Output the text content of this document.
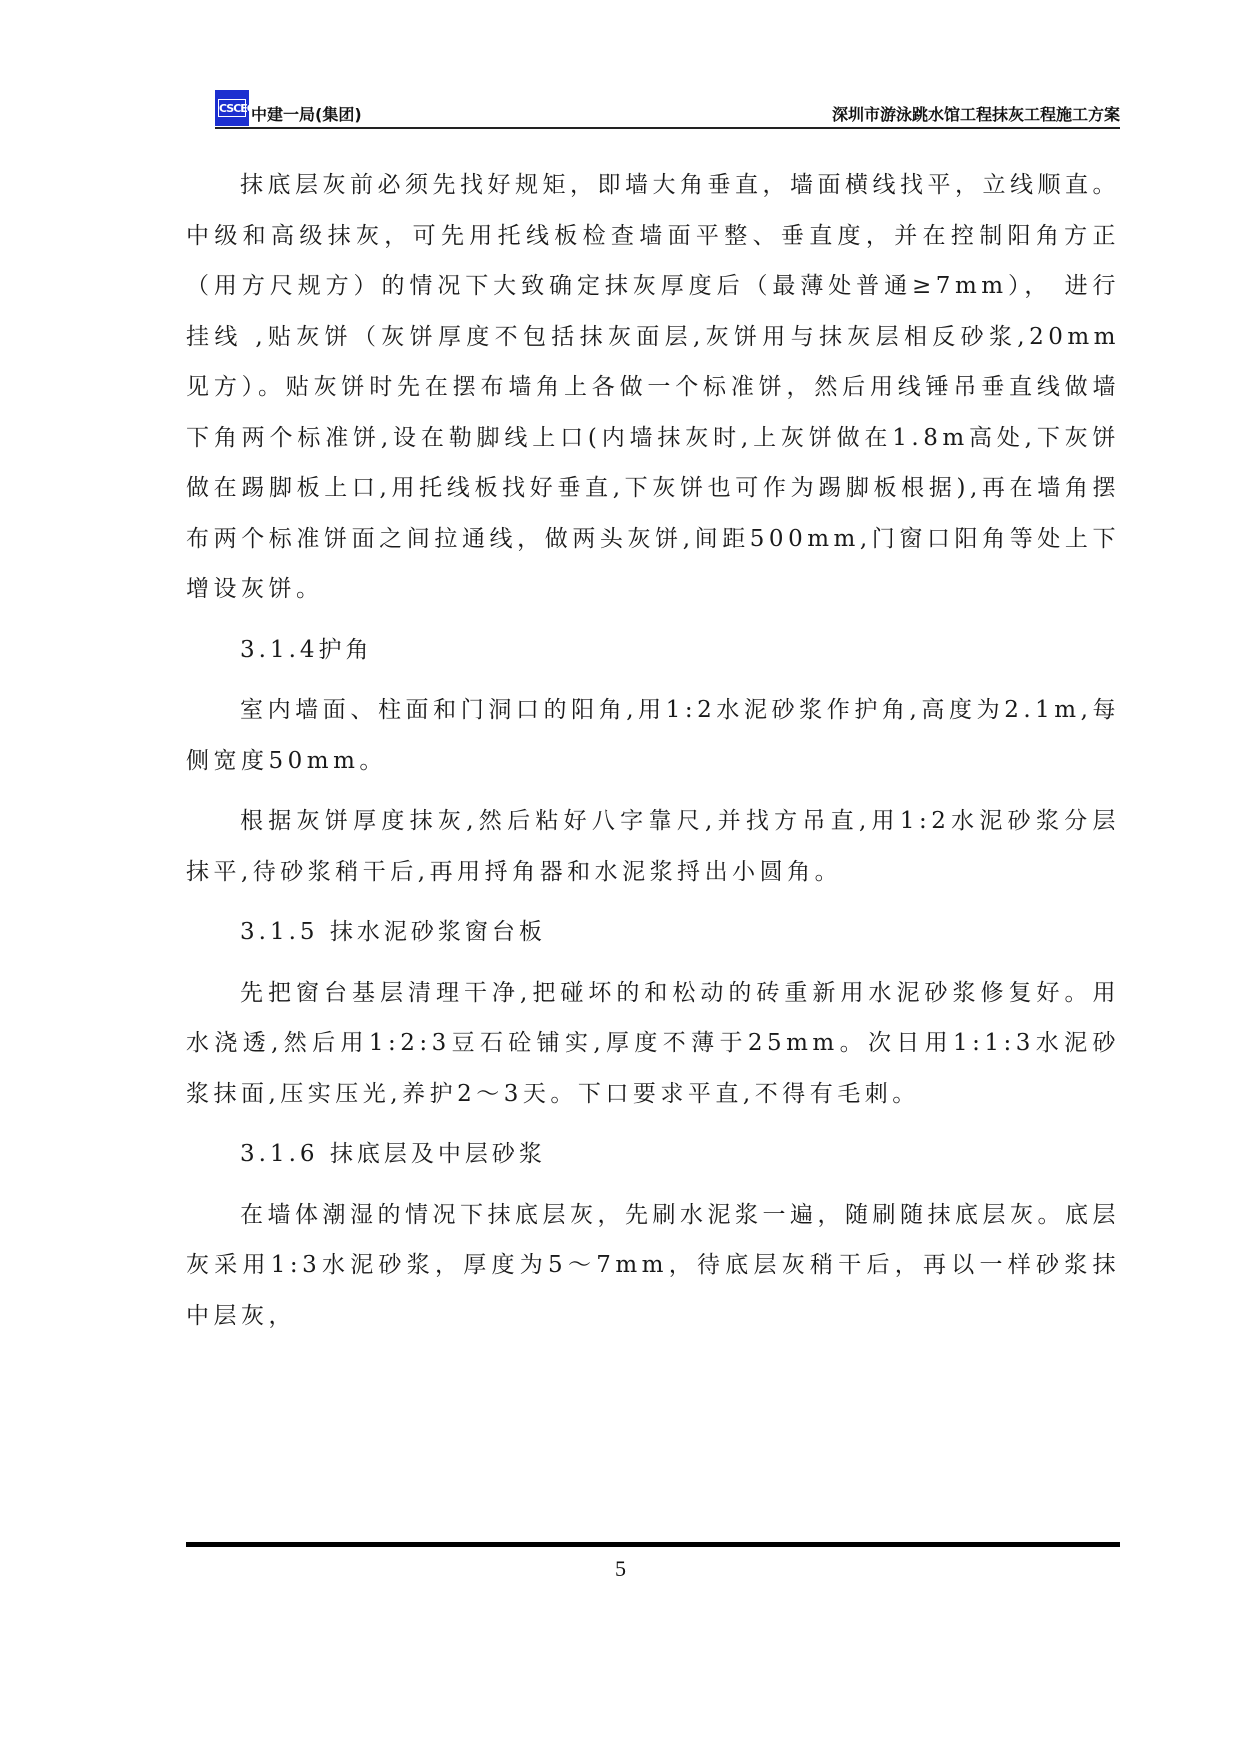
CSCEC
中建一局(集团)	深圳市游泳跳水馆工程抹灰工程施工方案

抹底层灰前必须先找好规矩，即墙大角垂直，墙面横线找平，立线顺直。中级和高级抹灰，可先用托线板检查墙面平整、垂直度，并在控制阳角方正（用方尺规方）的情况下大致确定抹灰厚度后（最薄处普通≥7mm）， 进行挂线 ,贴灰饼（灰饼厚度不包括抹灰面层,灰饼用与抹灰层相反砂浆,20mm见方）。贴灰饼时先在摆布墙角上各做一个标准饼，然后用线锤吊垂直线做墙下角两个标准饼,设在勒脚线上口(内墙抹灰时,上灰饼做在1.8m高处,下灰饼做在踢脚板上口,用托线板找好垂直,下灰饼也可作为踢脚板根据),再在墙角摆布两个标准饼面之间拉通线，做两头灰饼,间距500mm,门窗口阳角等处上下增设灰饼。

3.1.4护角

室内墙面、柱面和门洞口的阳角,用1:2水泥砂浆作护角,高度为2.1m,每侧宽度50mm。

根据灰饼厚度抹灰,然后粘好八字靠尺,并找方吊直,用1:2水泥砂浆分层抹平,待砂浆稍干后,再用捋角器和水泥浆捋出小圆角。

3.1.5 抹水泥砂浆窗台板

先把窗台基层清理干净,把碰坏的和松动的砖重新用水泥砂浆修复好。用水浇透,然后用1:2:3豆石砼铺实,厚度不薄于25mm。次日用1:1:3水泥砂浆抹面,压实压光,养护2～3天。下口要求平直,不得有毛刺。

3.1.6 抹底层及中层砂浆

在墙体潮湿的情况下抹底层灰，先刷水泥浆一遍，随刷随抹底层灰。底层灰采用1:3水泥砂浆，厚度为5～7mm，待底层灰稍干后，再以一样砂浆抹中层灰，

5
